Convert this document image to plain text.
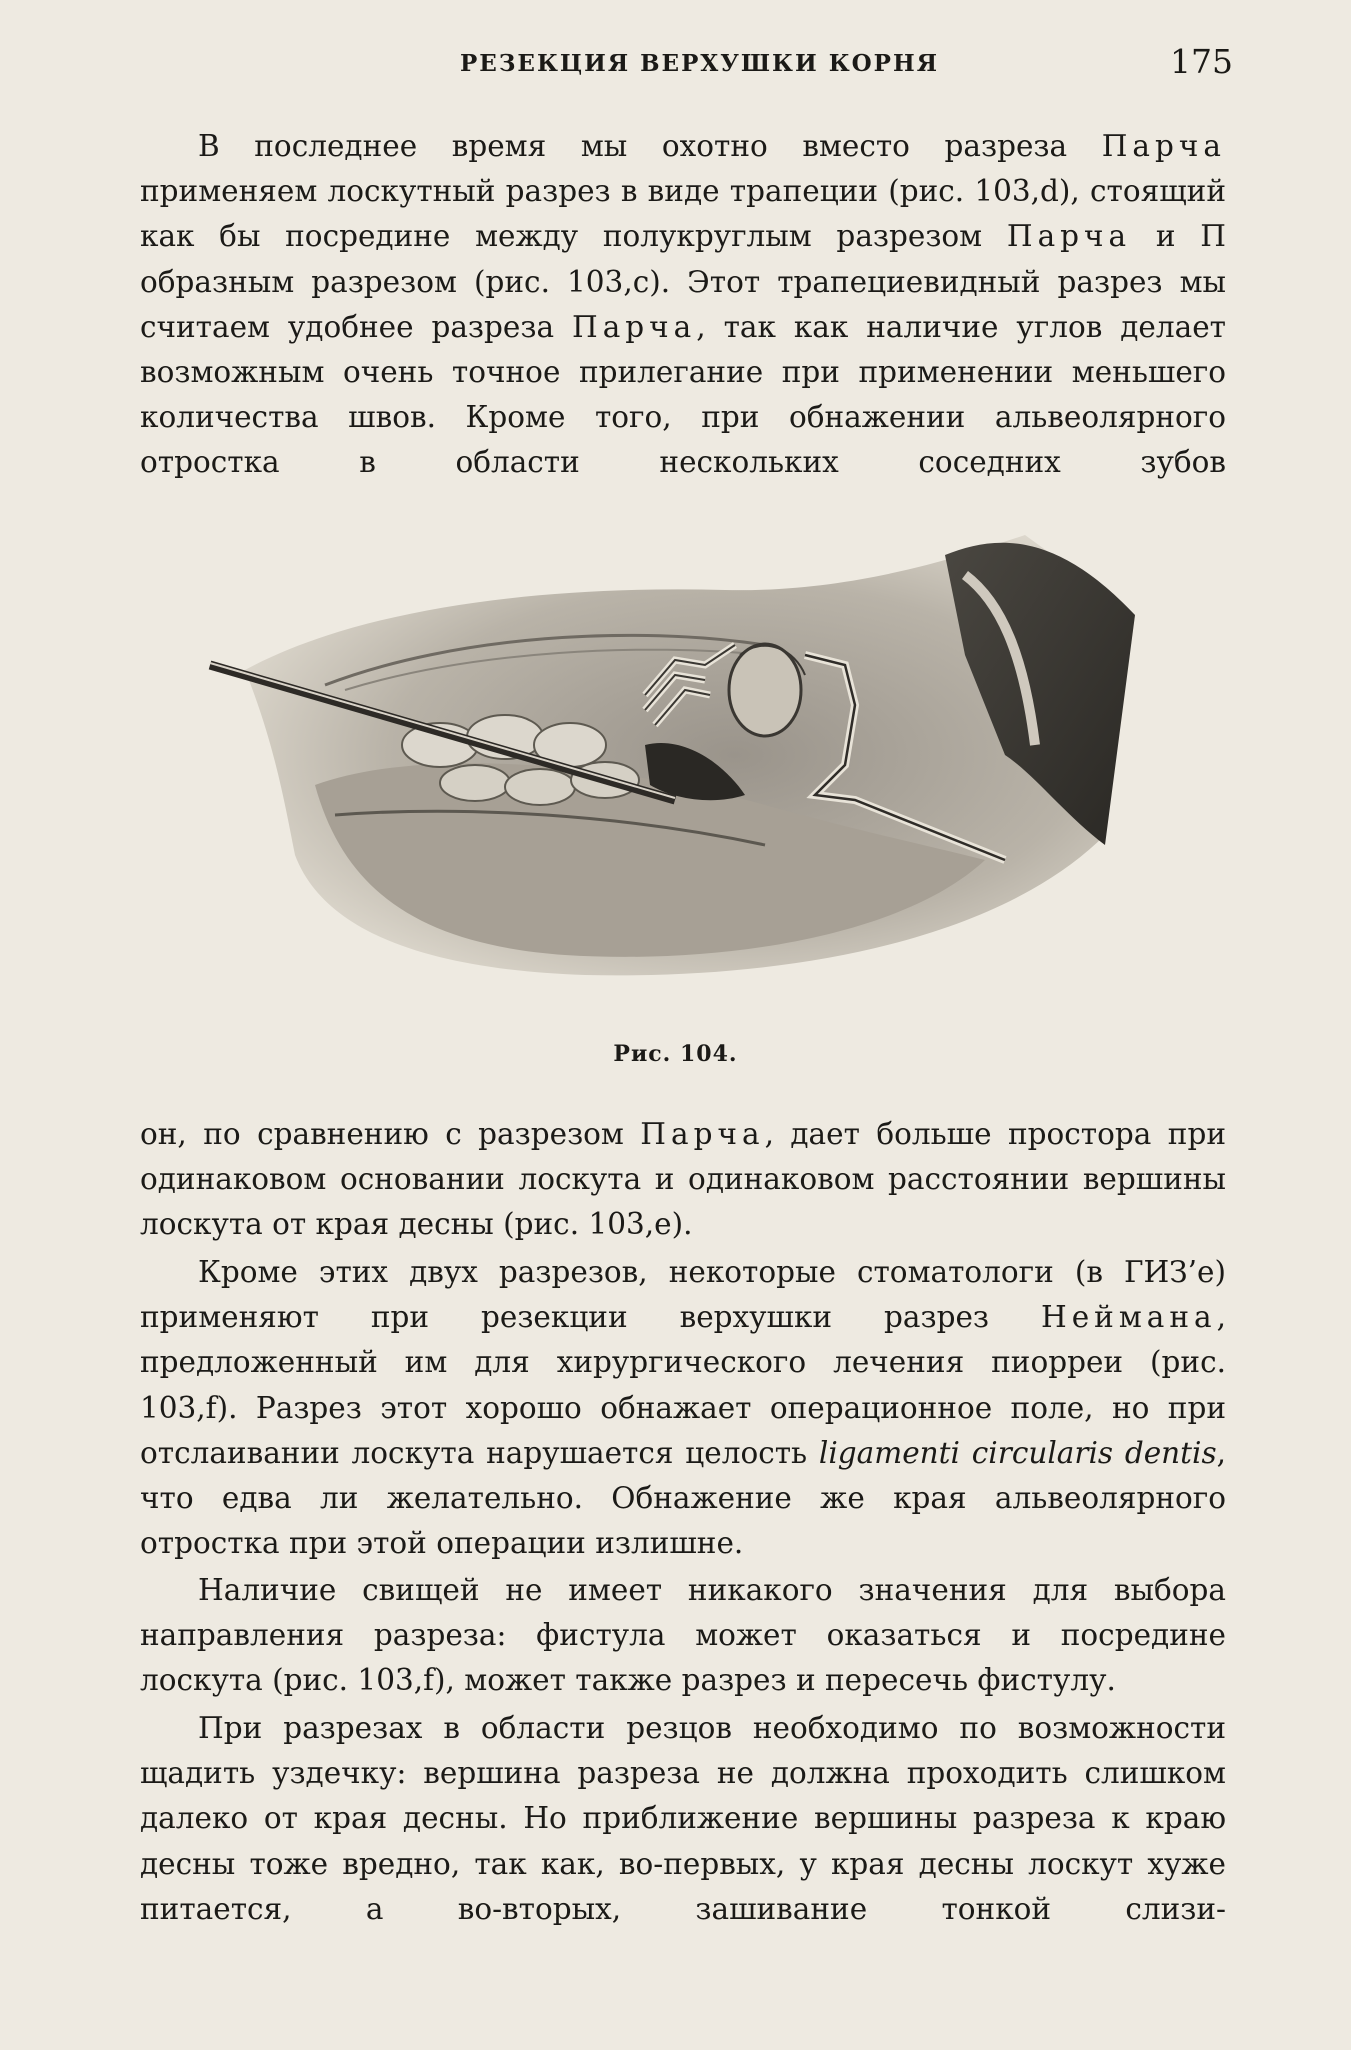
РЕЗЕКЦИЯ ВЕРХУШКИ КОРНЯ	175

В последнее время мы охотно вместо разреза Парча применяем лоскутный разрез в виде трапеции (рис. 103,d), стоящий как бы посредине между полукруглым разрезом Парча и П образным разрезом (рис. 103,с). Этот трапециевидный разрез мы считаем удобнее разреза Парча, так как наличие углов делает возможным очень точное прилегание при применении меньшего количества швов. Кроме того, при обнажении альвеолярного отростка в области нескольких соседних зубов

Рис. 104.

он, по сравнению с разрезом Парча, дает больше простора при одинаковом основании лоскута и одинаковом расстоянии вершины лоскута от края десны (рис. 103,е).

Кроме этих двух разрезов, некоторые стоматологи (в ГИЗ’е) применяют при резекции верхушки разрез Неймана, предложенный им для хирургического лечения пиорреи (рис. 103,f). Разрез этот хорошо обнажает операционное поле, но при отслаивании лоскута нарушается целость ligamenti circularis dentis, что едва ли желательно. Обнажение же края альвеолярного отростка при этой операции излишне.

Наличие свищей не имеет никакого значения для выбора направления разреза: фистула может оказаться и посредине лоскута (рис. 103,f), может также разрез и пересечь фистулу.

При разрезах в области резцов необходимо по возможности щадить уздечку: вершина разреза не должна проходить слишком далеко от края десны. Но приближение вершины разреза к краю десны тоже вредно, так как, во-первых, у края десны лоскут хуже питается, а во-вторых, зашивание тонкой слизи-
